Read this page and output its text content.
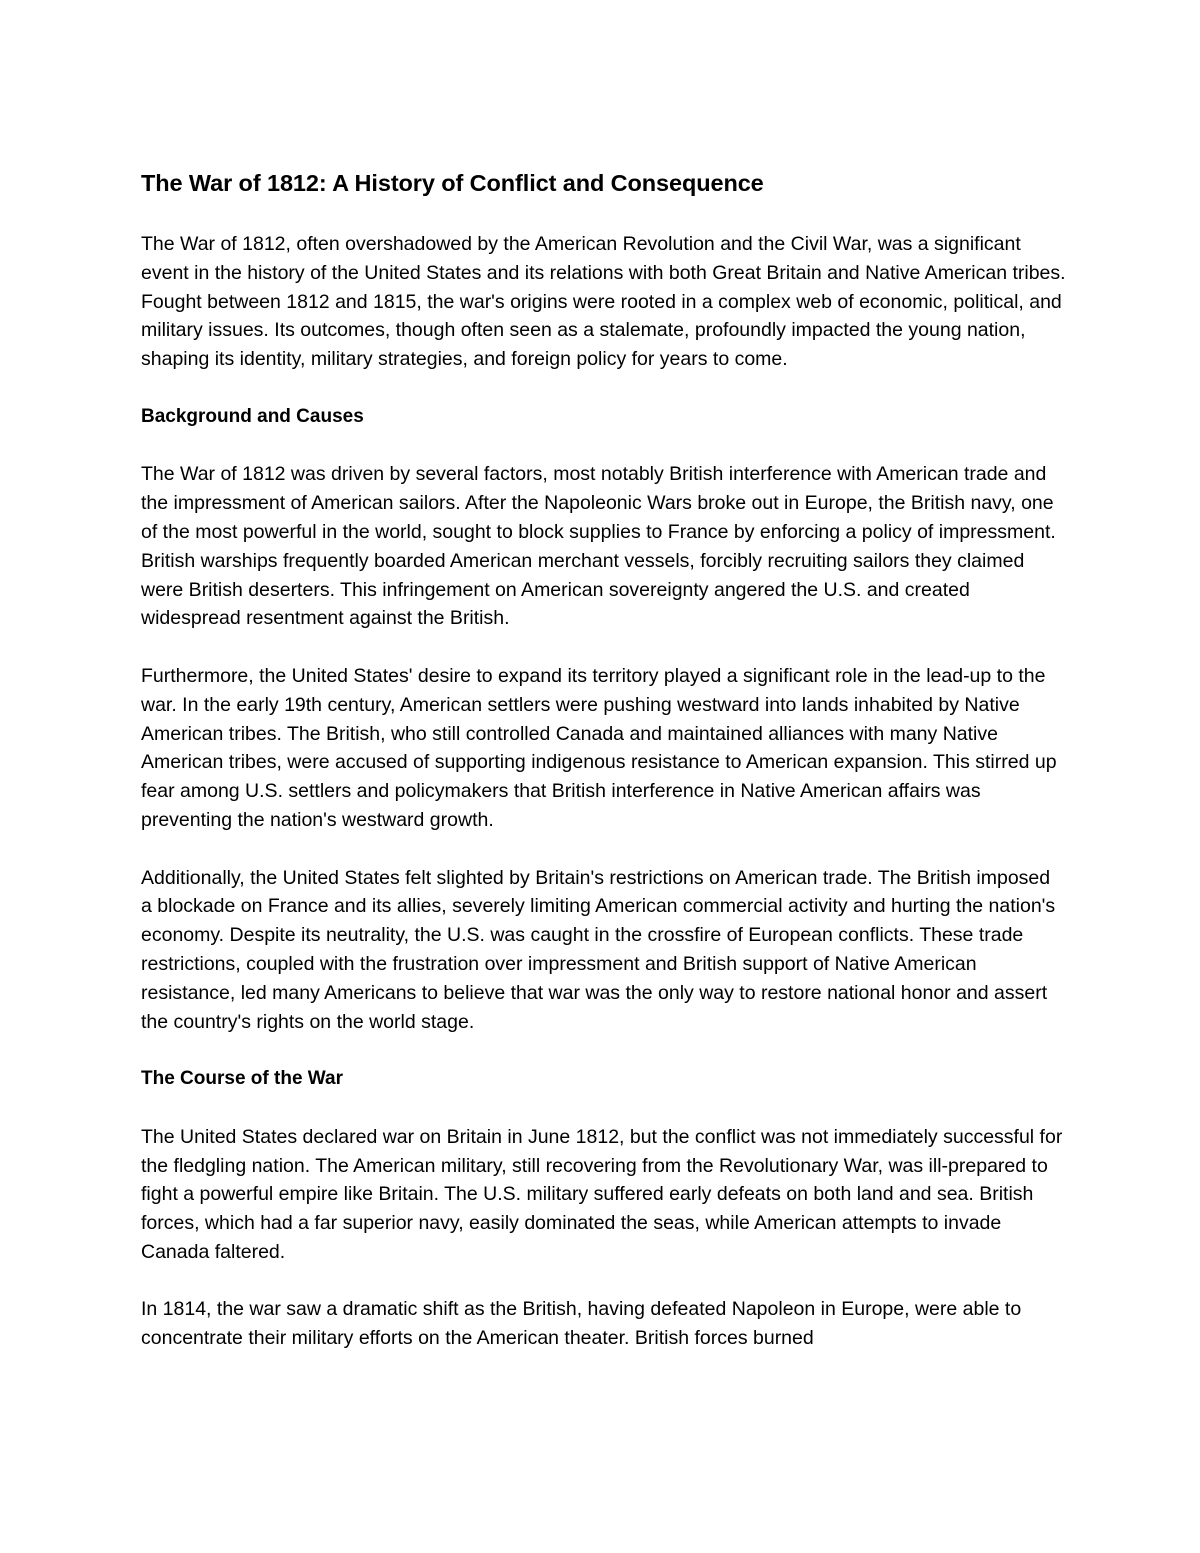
The War of 1812: A History of Conflict and Consequence

The War of 1812, often overshadowed by the American Revolution and the Civil War, was a significant event in the history of the United States and its relations with both Great Britain and Native American tribes. Fought between 1812 and 1815, the war's origins were rooted in a complex web of economic, political, and military issues. Its outcomes, though often seen as a stalemate, profoundly impacted the young nation, shaping its identity, military strategies, and foreign policy for years to come.

Background and Causes

The War of 1812 was driven by several factors, most notably British interference with American trade and the impressment of American sailors. After the Napoleonic Wars broke out in Europe, the British navy, one of the most powerful in the world, sought to block supplies to France by enforcing a policy of impressment. British warships frequently boarded American merchant vessels, forcibly recruiting sailors they claimed were British deserters. This infringement on American sovereignty angered the U.S. and created widespread resentment against the British.

Furthermore, the United States' desire to expand its territory played a significant role in the lead-up to the war. In the early 19th century, American settlers were pushing westward into lands inhabited by Native American tribes. The British, who still controlled Canada and maintained alliances with many Native American tribes, were accused of supporting indigenous resistance to American expansion. This stirred up fear among U.S. settlers and policymakers that British interference in Native American affairs was preventing the nation's westward growth.

Additionally, the United States felt slighted by Britain's restrictions on American trade. The British imposed a blockade on France and its allies, severely limiting American commercial activity and hurting the nation's economy. Despite its neutrality, the U.S. was caught in the crossfire of European conflicts. These trade restrictions, coupled with the frustration over impressment and British support of Native American resistance, led many Americans to believe that war was the only way to restore national honor and assert the country's rights on the world stage.

The Course of the War

The United States declared war on Britain in June 1812, but the conflict was not immediately successful for the fledgling nation. The American military, still recovering from the Revolutionary War, was ill-prepared to fight a powerful empire like Britain. The U.S. military suffered early defeats on both land and sea. British forces, which had a far superior navy, easily dominated the seas, while American attempts to invade Canada faltered.

In 1814, the war saw a dramatic shift as the British, having defeated Napoleon in Europe, were able to concentrate their military efforts on the American theater. British forces burned
